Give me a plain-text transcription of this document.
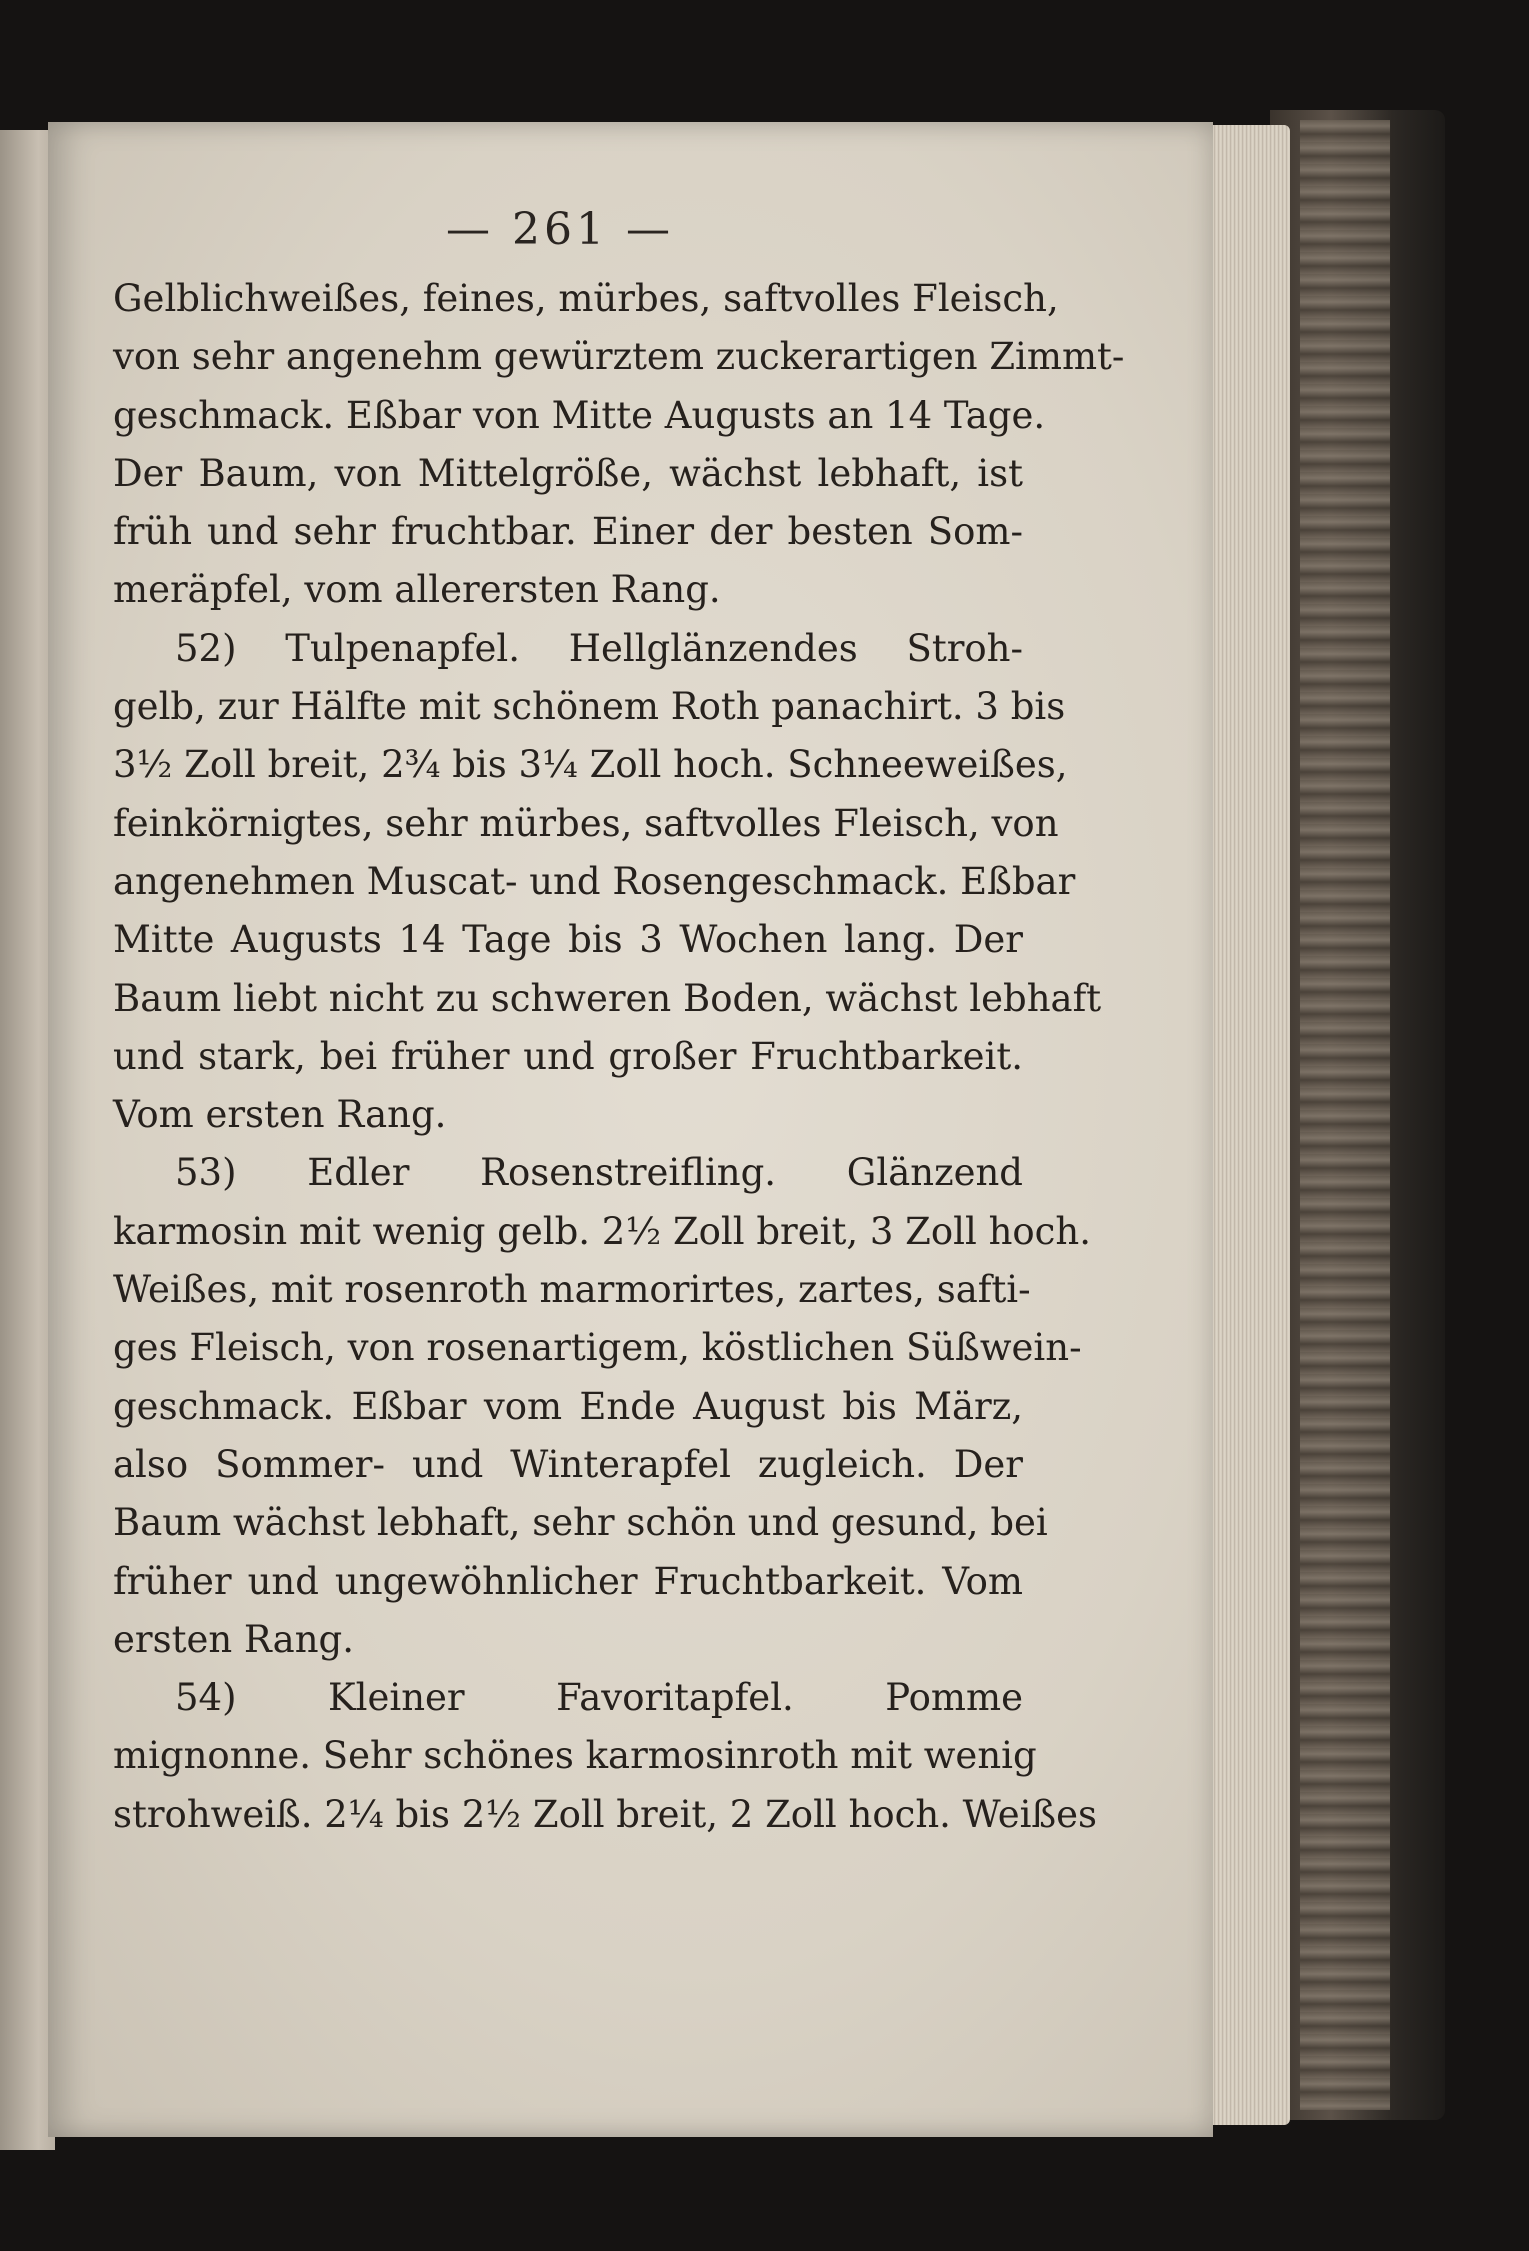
— 261 —
Gelblichweißes, feines, mürbes, saftvolles Fleisch,
von sehr angenehm gewürztem zuckerartigen Zimmt-
geschmack. Eßbar von Mitte Augusts an 14 Tage.
Der Baum, von Mittelgröße, wächst lebhaft, ist
früh und sehr fruchtbar. Einer der besten Som-
meräpfel, vom allerersten Rang.
52) Tulpenapfel. Hellglänzendes Stroh-
gelb, zur Hälfte mit schönem Roth panachirt. 3 bis
3½ Zoll breit, 2¾ bis 3¼ Zoll hoch. Schneeweißes,
feinkörnigtes, sehr mürbes, saftvolles Fleisch, von
angenehmen Muscat- und Rosengeschmack. Eßbar
Mitte Augusts 14 Tage bis 3 Wochen lang. Der
Baum liebt nicht zu schweren Boden, wächst lebhaft
und stark, bei früher und großer Fruchtbarkeit.
Vom ersten Rang.
53) Edler Rosenstreifling. Glänzend
karmosin mit wenig gelb. 2½ Zoll breit, 3 Zoll hoch.
Weißes, mit rosenroth marmorirtes, zartes, safti-
ges Fleisch, von rosenartigem, köstlichen Süßwein-
geschmack. Eßbar vom Ende August bis März,
also Sommer- und Winterapfel zugleich. Der
Baum wächst lebhaft, sehr schön und gesund, bei
früher und ungewöhnlicher Fruchtbarkeit. Vom
ersten Rang.
54) Kleiner Favoritapfel. Pomme
mignonne. Sehr schönes karmosinroth mit wenig
strohweiß. 2¼ bis 2½ Zoll breit, 2 Zoll hoch. Weißes
